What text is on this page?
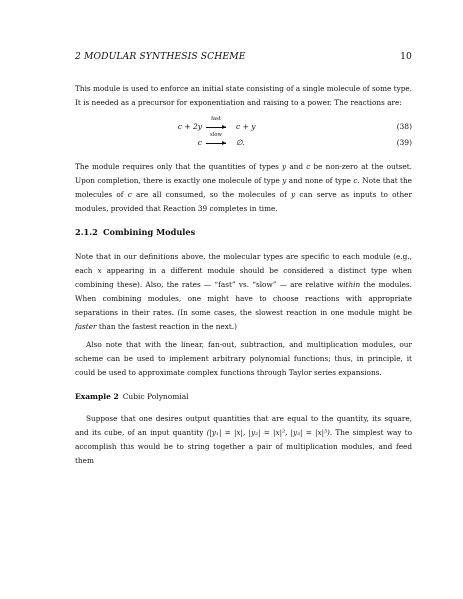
2 MODULAR SYNTHESIS SCHEME	10
This module is used to enforce an initial state consisting of a single molecule of some type. It is needed as a precursor for exponentiation and raising to a power. The reactions are:
c + 2y
fast
c + y	(38)
c
slow
∅.	(39)
The module requires only that the quantities of types y and c be non-zero at the outset. Upon completion, there is exactly one molecule of type y and none of type c. Note that the molecules of c are all consumed, so the molecules of y can serve as inputs to other modules, provided that Reaction 39 completes in time.
2.1.2 Combining Modules
Note that in our definitions above, the molecular types are specific to each module (e.g., each x appearing in a different module should be considered a distinct type when combining these). Also, the rates — “fast” vs. “slow” — are relative within the modules. When combining modules, one might have to choose reactions with appropriate separations in their rates. (In some cases, the slowest reaction in one module might be faster than the fastest reaction in the next.)
Also note that with the linear, fan-out, subtraction, and multiplication modules, our scheme can be used to implement arbitrary polynomial functions; thus, in principle, it could be used to approximate complex functions through Taylor series expansions.
Example 2 Cubic Polynomial
Suppose that one desires output quantities that are equal to the quantity, its square, and its cube, of an input quantity (|y₁| = |x|, |y₂| = |x|², |y₃| = |x|³). The simplest way to accomplish this would be to string together a pair of multiplication modules, and feed them
